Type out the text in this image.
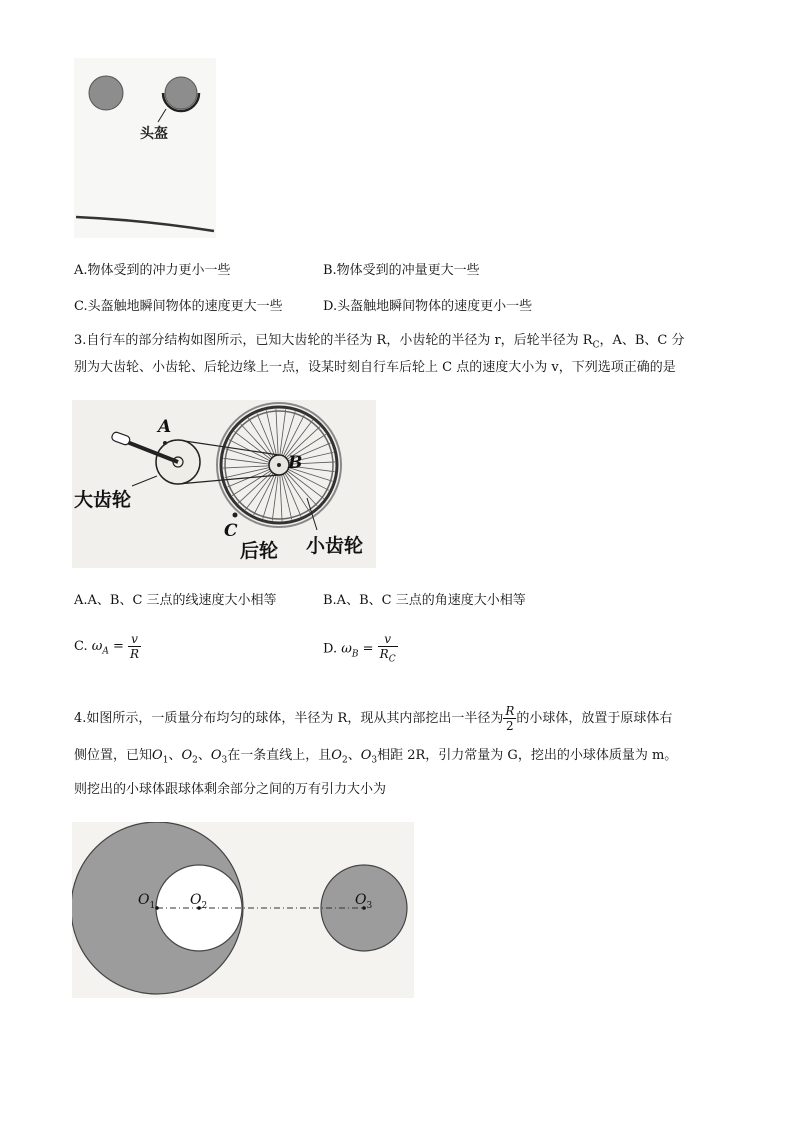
头盔
A.物体受到的冲力更小一些	B.物体受到的冲量更大一些
C.头盔触地瞬间物体的速度更大一些	D.头盔触地瞬间物体的速度更小一些
3.自行车的部分结构如图所示，已知大齿轮的半径为 R，小齿轮的半径为 r，后轮半径为 $R_C$，A、B、C 分
别为大齿轮、小齿轮、后轮边缘上一点，设某时刻自行车后轮上 C 点的速度大小为 v，下列选项正确的是
A
B
C
大齿轮
后轮 小齿轮
A.A、B、C 三点的线速度大小相等	B.A、B、C 三点的角速度大小相等
C. $\omega_A = \frac{v}{R}$	D. $\omega_B = \frac{v}{R_C}$
4.如图所示，一质量分布均匀的球体，半径为 R，现从其内部挖出一半径为 $\frac{R}{2}$ 的小球体，放置于原球体右
侧位置，已知$O_1$、$O_2$、$O_3$在一条直线上，且$O_2$、$O_3$相距 2R，引力常量为 G，挖出的小球体质量为 m。
则挖出的小球体跟球体剩余部分之间的万有引力大小为
$O_1$ $O_2$	$O_3$
